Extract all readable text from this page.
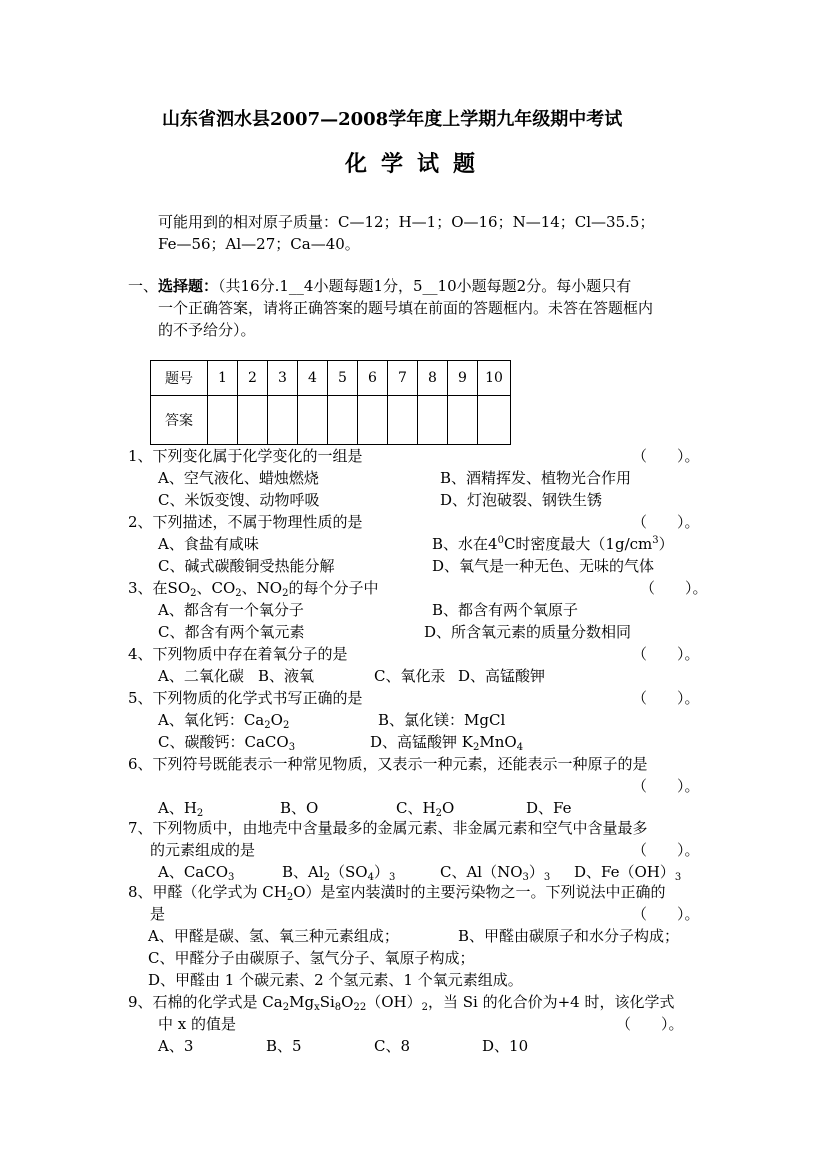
山东省泗水县2007—2008学年度上学期九年级期中考试
化学试题
可能用到的相对原子质量：C—12；H—1；O—16；N—14；Cl—35.5；
Fe—56；Al—27；Ca—40。
一、选择题：（共16分.1__4小题每题1分，5__10小题每题2分。每小题只有
一个正确答案，请将正确答案的题号填在前面的答题框内。未答在答题框内
的不予给分）。
题号	1	2	3	4	5	6	7	8	9	10
答案										
1、下列变化属于化学变化的一组是	（　　）。
A、空气液化、蜡烛燃烧	B、酒精挥发、植物光合作用
C、米饭变馊、动物呼吸	D、灯泡破裂、钢铁生锈
2、下列描述，不属于物理性质的是	（　　）。
A、食盐有咸味	B、水在$4^0C$时密度最大$(1g/cm^3)$
C、碱式碳酸铜受热能分解	D、氧气是一种无色、无味的气体
3、在$SO_2$、$CO_2$、$NO_2$的每个分子中	（　　）。
A、都含有一个氧分子	B、都含有两个氧原子
C、都含有两个氧元素	D、所含氧元素的质量分数相同
4、下列物质中存在着氧分子的是	（　　）。
A、二氧化碳 B、液氧	C、氧化汞 D、高锰酸钾
5、下列物质的化学式书写正确的是	（　　）。
A、氧化钙：$Ca_2O_2$	B、氯化镁：MgCl
C、碳酸钙：CaCO$_3$	D、高锰酸钾 $K_2MnO_4$
6、下列符号既能表示一种常见物质，又表示一种元素，还能表示一种原子的是
（　　）。
A、$H_2$	B、O	C、$H_2O$	D、Fe
7、下列物质中，由地壳中含量最多的金属元素、非金属元素和空气中含量最多
的元素组成的是	（　　）。
A、CaCO$_3$	B、$Al_2(SO_4)_3$	C、$Al(NO_3)_3$ D、$Fe(OH)_3$
8、甲醛（化学式为 $CH_2O$）是室内装潢时的主要污染物之一。下列说法中正确的
是	（　　）。
A、甲醛是碳、氢、氧三种元素组成；	B、甲醛由碳原子和水分子构成；
C、甲醛分子由碳原子、氢气分子、氧原子构成；
D、甲醛由 1 个碳元素、2 个氢元素、1 个氧元素组成。
9、石棉的化学式是 $Ca_2Mg_xSi_8O_{22}(OH)_2$，当 Si 的化合价为+4 时，该化学式
中 x 的值是	（　　）。
A、3	B、5	C、8	D、10
